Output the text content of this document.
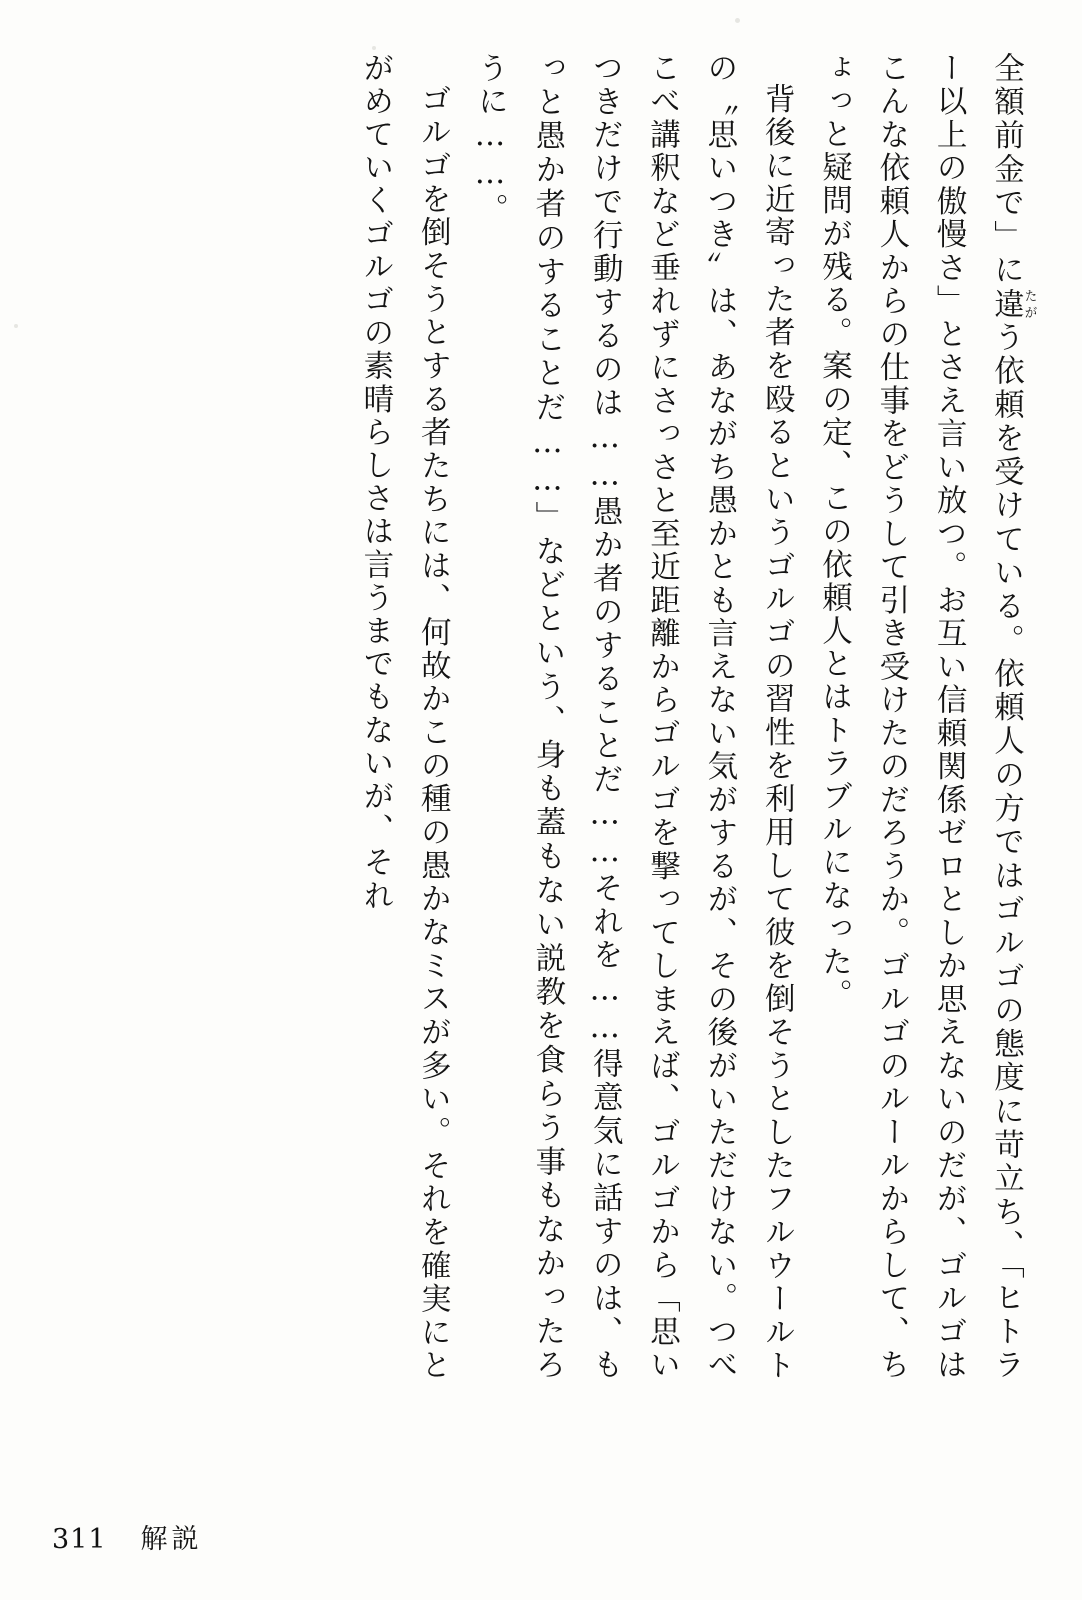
全額前金で」に違たがう依頼を受けている。依頼人の方ではゴルゴの態度に苛立ち、「ヒトラー以上の傲慢さ」とさえ言い放つ。お互い信頼関係ゼロとしか思えないのだが、ゴルゴはこんな依頼人からの仕事をどうして引き受けたのだろうか。ゴルゴのルールからして、ちょっと疑問が残る。案の定、この依頼人とはトラブルになった。

背後に近寄った者を殴るというゴルゴの習性を利用して彼を倒そうとしたフルウールトの〝思いつき〟は、あながち愚かとも言えない気がするが、その後がいただけない。つべこべ講釈など垂れずにさっさと至近距離からゴルゴを撃ってしまえば、ゴルゴから「思いつきだけで行動するのは……愚か者のすることだ……それを……得意気に話すのは、もっと愚か者のすることだ……」などという、身も蓋もない説教を食らう事もなかったろうに……。

ゴルゴを倒そうとする者たちには、何故かこの種の愚かなミスが多い。それを確実にとがめていくゴルゴの素晴らしさは言うまでもないが、それ

311 解説
